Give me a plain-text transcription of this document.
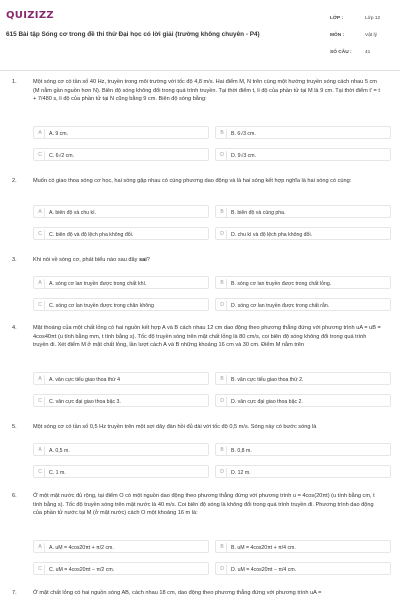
QUIZIZZ
615 Bài tập Sóng cơ trong đề thi thử Đại học có lời giải (trường không chuyên - P4)
LỚP :	Lớp 12
MÔN :	Vật lý
SỐ CÂU :	41
1.	Một sóng cơ có tần số 40 Hz, truyền trong môi trường với tốc độ 4,8 m/s. Hai điểm M, N trên cùng một hướng truyền sóng cách nhau 5 cm (M nằm gần nguồn hơn N). Biên độ sóng không đổi trong quá trình truyền. Tại thời điểm t, li độ của phần tử tại M là 9 cm. Tại thời điểm t' = t + 7/480 s, li độ của phần tử tại N cũng bằng 9 cm. Biên độ sóng bằng:
A	A. 9 cm.	B	B. 6√3 cm.
C	C. 6√2 cm.	D	D. 9√3 cm.
2.	Muốn có giao thoa sóng cơ học, hai sóng gặp nhau có cùng phương dao động và là hai sóng kết hợp nghĩa là hai sóng có cùng:
A	A. biên độ và chu kì.	B	B. biên độ và cùng pha.
C	C. biên độ và độ lệch pha không đổi.	D	D. chu kì và độ lệch pha không đổi.
3.	Khi nói về sóng cơ, phát biểu nào sau đây sai?
A	A. sóng cơ lan truyền được trong chất khí.	B	B. sóng cơ lan truyền được trong chất lỏng.
C	C. sóng cơ lan truyền được trong chân không	D	D. sóng cơ lan truyền được trong chất rắn.
4.	Mặt thoáng của một chất lỏng có hai nguồn kết hợp A và B cách nhau 12 cm dao động theo phương thẳng đứng với phương trình uA = uB = 4cos40πt (u tính bằng mm, t tính bằng s). Tốc độ truyền sóng trên mặt chất lỏng là 80 cm/s, coi biên độ sóng không đổi trong quá trình truyền đi. Xét điểm M ở mặt chất lỏng, lần lượt cách A và B những khoảng 16 cm và 30 cm. Điểm M nằm trên
A	A. vân cực tiểu giao thoa thứ 4	B	B. vân cực tiểu giao thoa thứ 2.
C	C. vân cực đại giao thoa bậc 3.	D	D. vân cực đại giao thoa bậc 2.
5.	Một sóng cơ có tần số 0,5 Hz truyền trên một sợi dây đàn hồi đủ dài với tốc độ 0,5 m/s. Sóng này có bước sóng là
A	A. 0,5 m.	B	B. 0,8 m.
C	C. 1 m.	D	D. 12 m.
6.	Ở một mặt nước đủ rộng, tại điểm O có một nguồn dao động theo phương thẳng đứng với phương trình u = 4cos(20πt) (u tính bằng cm, t tính bằng s). Tốc độ truyền sóng trên mặt nước là 40 m/s. Coi biên độ sóng là không đổi trong quá trình truyền đi. Phương trình dao động của phần tử nước tại M (ở mặt nước) cách O một khoảng 16 m là:
A	A. uM = 4cos20πt + π/2 cm.	B	B. uM = 4cos20πt + π/4 cm.
C	C. uM = 4cos20πt − π/2 cm.	D	D. uM = 4cos20πt − π/4 cm.
7.	Ở mặt chất lỏng có hai nguồn sóng AB, cách nhau 18 cm, dao động theo phương thẳng đứng với phương trình uA =
